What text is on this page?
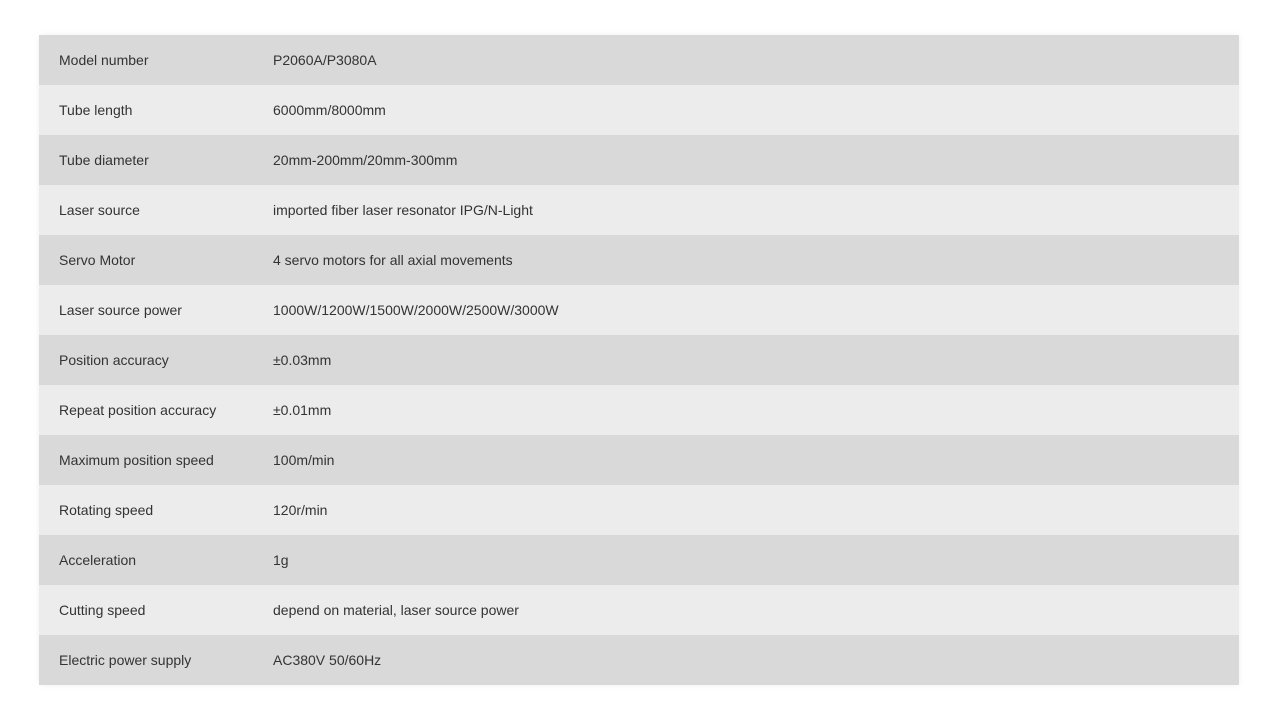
Model number	P2060A/P3080A
Tube length	6000mm/8000mm
Tube diameter	20mm-200mm/20mm-300mm
Laser source	imported fiber laser resonator IPG/N-Light
Servo Motor	4 servo motors for all axial movements
Laser source power	1000W/1200W/1500W/2000W/2500W/3000W
Position accuracy	±0.03mm
Repeat position accuracy	±0.01mm
Maximum position speed	100m/min
Rotating speed	120r/min
Acceleration	1g
Cutting speed	depend on material, laser source power
Electric power supply	AC380V 50/60Hz
